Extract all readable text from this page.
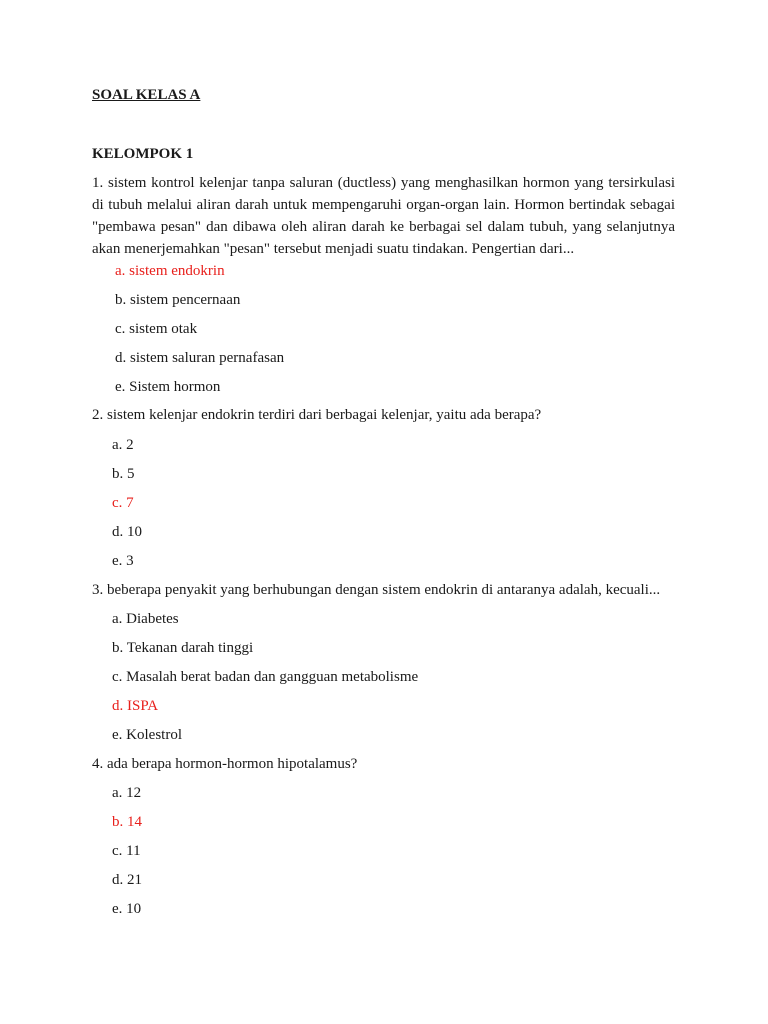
SOAL KELAS A
KELOMPOK 1
1. sistem kontrol kelenjar tanpa saluran (ductless) yang menghasilkan hormon yang tersirkulasi di tubuh melalui aliran darah untuk mempengaruhi organ-organ lain. Hormon bertindak sebagai "pembawa pesan" dan dibawa oleh aliran darah ke berbagai sel dalam tubuh, yang selanjutnya akan menerjemahkan "pesan" tersebut menjadi suatu tindakan. Pengertian dari...
a. sistem endokrin
b. sistem pencernaan
c. sistem otak
d. sistem saluran pernafasan
e. Sistem hormon
2. sistem kelenjar endokrin terdiri dari berbagai kelenjar, yaitu ada berapa?
a. 2
b. 5
c. 7
d. 10
e. 3
3. beberapa penyakit yang berhubungan dengan sistem endokrin di antaranya adalah, kecuali...
a. Diabetes
b. Tekanan darah tinggi
c. Masalah berat badan dan gangguan metabolisme
d. ISPA
e. Kolestrol
4. ada berapa hormon-hormon hipotalamus?
a. 12
b. 14
c. 11
d. 21
e. 10
